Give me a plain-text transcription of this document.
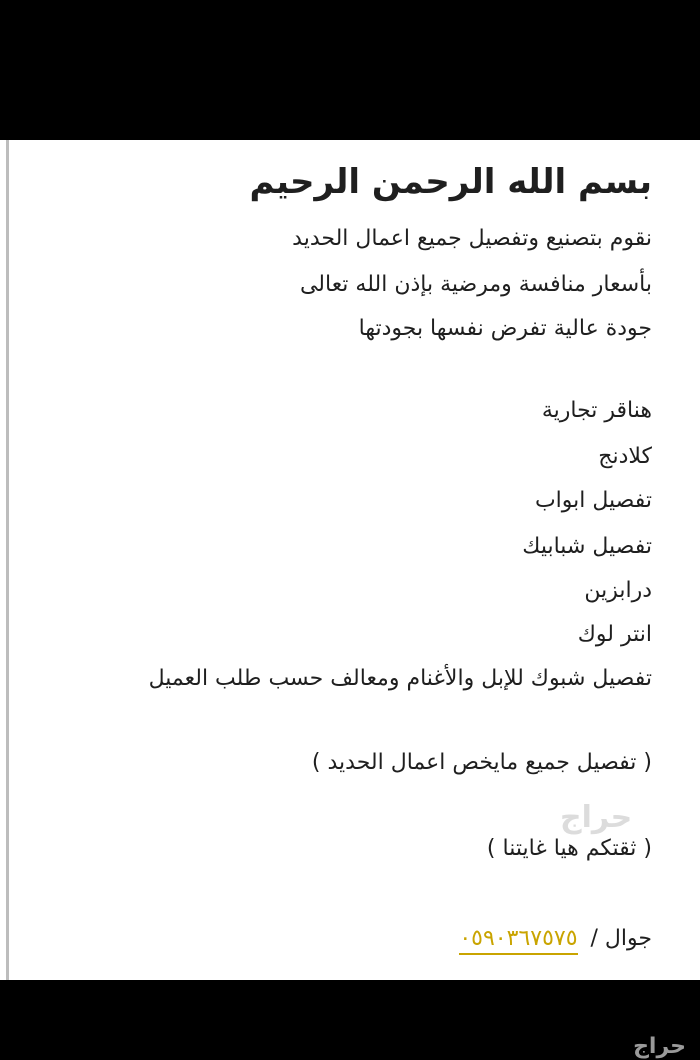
بسم الله الرحمن الرحيم
نقوم بتصنيع وتفصيل جميع اعمال الحديد
بأسعار منافسة ومرضية بإذن الله تعالى
جودة عالية تفرض نفسها بجودتها
هناقر تجارية
كلادنج
تفصيل ابواب
تفصيل شبابيك
درابزين
انتر لوك
تفصيل شبوك للإبل والأغنام ومعالف حسب طلب العميل
( تفصيل جميع مايخص اعمال الحديد )
( ثقتكم هيا غايتنا )
جوال / ٠٥٩٠٣٦٧٥٧٥
حراج
حراج
